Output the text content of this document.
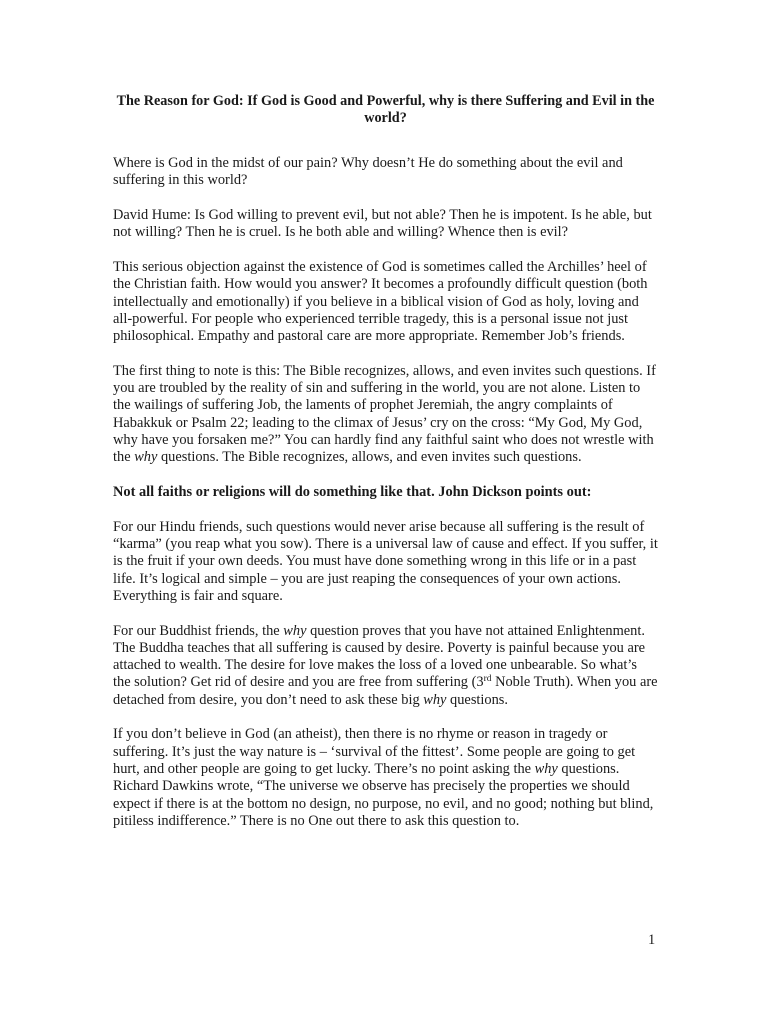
The Reason for God: If God is Good and Powerful, why is there Suffering and Evil in the world?

Where is God in the midst of our pain? Why doesn’t He do something about the evil and suffering in this world?

David Hume: Is God willing to prevent evil, but not able? Then he is impotent. Is he able, but not willing? Then he is cruel. Is he both able and willing? Whence then is evil?

This serious objection against the existence of God is sometimes called the Archilles’ heel of the Christian faith. How would you answer? It becomes a profoundly difficult question (both intellectually and emotionally) if you believe in a biblical vision of God as holy, loving and all-powerful. For people who experienced terrible tragedy, this is a personal issue not just philosophical. Empathy and pastoral care are more appropriate. Remember Job’s friends.

The first thing to note is this: The Bible recognizes, allows, and even invites such questions. If you are troubled by the reality of sin and suffering in the world, you are not alone. Listen to the wailings of suffering Job, the laments of prophet Jeremiah, the angry complaints of Habakkuk or Psalm 22; leading to the climax of Jesus’ cry on the cross: “My God, My God, why have you forsaken me?” You can hardly find any faithful saint who does not wrestle with the why questions. The Bible recognizes, allows, and even invites such questions.

Not all faiths or religions will do something like that. John Dickson points out:

For our Hindu friends, such questions would never arise because all suffering is the result of “karma” (you reap what you sow). There is a universal law of cause and effect. If you suffer, it is the fruit if your own deeds. You must have done something wrong in this life or in a past life. It’s logical and simple – you are just reaping the consequences of your own actions. Everything is fair and square.

For our Buddhist friends, the why question proves that you have not attained Enlightenment. The Buddha teaches that all suffering is caused by desire. Poverty is painful because you are attached to wealth. The desire for love makes the loss of a loved one unbearable. So what’s the solution? Get rid of desire and you are free from suffering (3rd Noble Truth). When you are detached from desire, you don’t need to ask these big why questions.

If you don’t believe in God (an atheist), then there is no rhyme or reason in tragedy or suffering. It’s just the way nature is – ‘survival of the fittest’. Some people are going to get hurt, and other people are going to get lucky. There’s no point asking the why questions. Richard Dawkins wrote, “The universe we observe has precisely the properties we should expect if there is at the bottom no design, no purpose, no evil, and no good; nothing but blind, pitiless indifference.” There is no One out there to ask this question to.

1
